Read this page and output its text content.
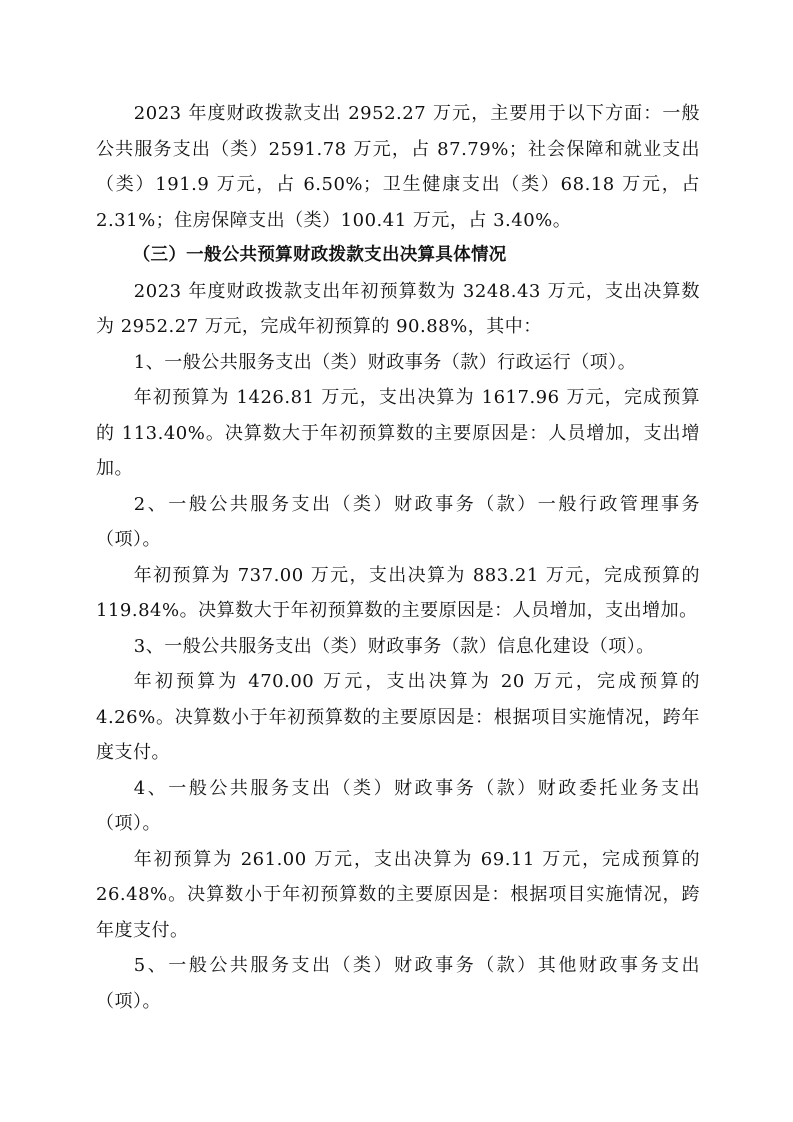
2023 年度财政拨款支出 2952.27 万元，主要用于以下方面：一般公共服务支出（类）2591.78 万元，占 87.79%；社会保障和就业支出（类）191.9 万元，占 6.50%；卫生健康支出（类）68.18 万元，占 2.31%；住房保障支出（类）100.41 万元，占 3.40%。

（三）一般公共预算财政拨款支出决算具体情况

2023 年度财政拨款支出年初预算数为 3248.43 万元，支出决算数为 2952.27 万元，完成年初预算的 90.88%，其中：

1、一般公共服务支出（类）财政事务（款）行政运行（项）。

年初预算为 1426.81 万元，支出决算为 1617.96 万元，完成预算的 113.40%。决算数大于年初预算数的主要原因是：人员增加，支出增加。

2、一般公共服务支出（类）财政事务（款）一般行政管理事务（项）。

年初预算为 737.00 万元，支出决算为 883.21 万元，完成预算的 119.84%。决算数大于年初预算数的主要原因是：人员增加，支出增加。

3、一般公共服务支出（类）财政事务（款）信息化建设（项）。

年初预算为 470.00 万元，支出决算为 20 万元，完成预算的 4.26%。决算数小于年初预算数的主要原因是：根据项目实施情况，跨年度支付。

4、一般公共服务支出（类）财政事务（款）财政委托业务支出（项）。

年初预算为 261.00 万元，支出决算为 69.11 万元，完成预算的 26.48%。决算数小于年初预算数的主要原因是：根据项目实施情况，跨年度支付。

5、一般公共服务支出（类）财政事务（款）其他财政事务支出（项）。
